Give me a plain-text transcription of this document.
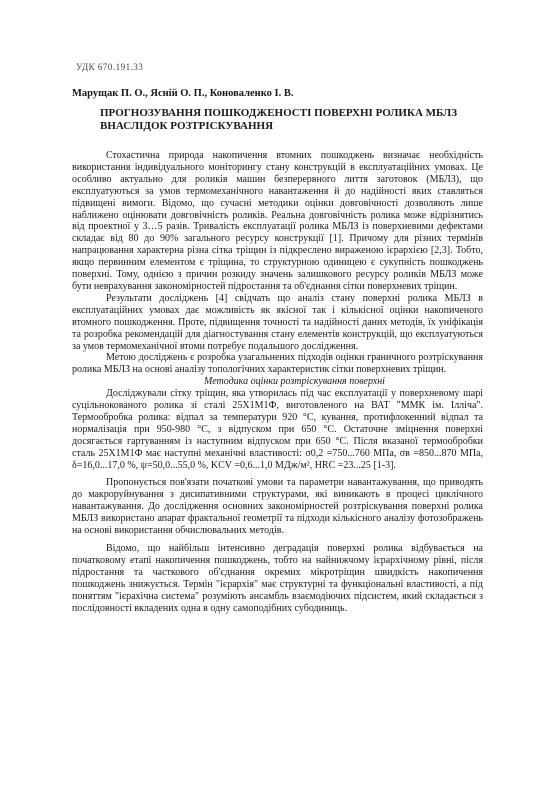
УДК 670.191.33
Марущак П. О., Ясній О. П., Коноваленко І. В.
ПРОГНОЗУВАННЯ ПОШКОДЖЕНОСТІ ПОВЕРХНІ РОЛИКА МБЛЗ ВНАСЛІДОК РОЗТРІСКУВАННЯ

Стохастична природа накопичення втомних пошкоджень визначає необхідність використання індивідуального моніторингу стану конструкцій в експлуатаційних умовах. Це особливо актуально для роликів машин безперервного лиття заготовок (МБЛЗ), що експлуатуються за умов термомеханічного навантаження й до надійності яких ставляться підвищені вимоги. Відомо, що сучасні методики оцінки довговічності дозволяють лише наближено оцінювати довговічність роликів. Реальна довговічність ролика може відрізнятись від проектної у 3…5 разів. Тривалість експлуатації ролика МБЛЗ із поверхневими дефектами складає від 80 до 90% загального ресурсу конструкції [1]. Причому для різних термінів напрацювання характерна різна сітка тріщин із підкреслено вираженою ієрархією [2,3]. Тобто, якщо первинним елементом є тріщина, то структурною одиницею є сукупність пошкоджень поверхні. Тому, однією з причин розкиду значень залишкового ресурсу роликів МБЛЗ може бути неврахування закономірностей підростання та об'єднання сітки поверхневих тріщин.

Результати досліджень [4] свідчать що аналіз стану поверхні ролика МБЛЗ в експлуатаційних умовах дає можливість як якісної так і кількісної оцінки накопиченого втомного пошкодження. Проте, підвищення точності та надійності даних методів, їх уніфікація та розробка рекомендацій для діагностування стану елементів конструкцій, що експлуатуються за умов термомеханічної втоми потребує подальшого дослідження.

Метою досліджень є розробка узагальнених підходів оцінки граничного розтріскування ролика МБЛЗ на основі аналізу топологічних характеристик сітки поверхневих тріщин.

Методика оцінки розтріскування поверхні

Досліджували сітку тріщин, яка утворилась під час експлуатації у поверхневому шарі суцільнокованого ролика зі сталі 25Х1М1Ф, виготовленого на ВАТ "ММК ім. Ілліча". Термообробка ролика: відпал за температури 920 °С, кування, протифлокенний відпал та нормалізація при 950-980 °С, з відпуском при 650 °С. Остаточне зміцнення поверхні досягається гартуванням із наступним відпуском при 650 °С. Після вказаної термообробки сталь 25Х1М1Ф має наступні механічні властивості: σ0,2 =750...760 МПа, σв =850...870 МПа, δ=16,0...17,0 %, ψ=50,0...55,0 %, KCV =0,6...1,0 МДж/м², HRC =23...25 [1-3].

Пропонується пов'язати початкові умови та параметри навантажування, що приводять до макроруйнування з дисипативними структурами, які виникають в процесі циклічного навантажування. До дослідження основних закономірностей розтріскування поверхні ролика МБЛЗ використано апарат фрактальної геометрії та підходи кількісного аналізу фотозображень на основі використання обчислювальних методів.

Відомо, що найбільш інтенсивно деградація поверхні ролика відбувається на початковому етапі накопичення пошкоджень, тобто на найнижчому ієрархічному рівні, після підростання та часткового об'єднання окремих мікротріщин швидкість накопичення пошкоджень знижується. Термін "ієрархія" має структурні та функціональні властивості, а під поняттям "ієрахічна система" розуміють ансамбль взаємодіючих підсистем, який складається з послідовності вкладених одна в одну самоподібних субодиниць.
